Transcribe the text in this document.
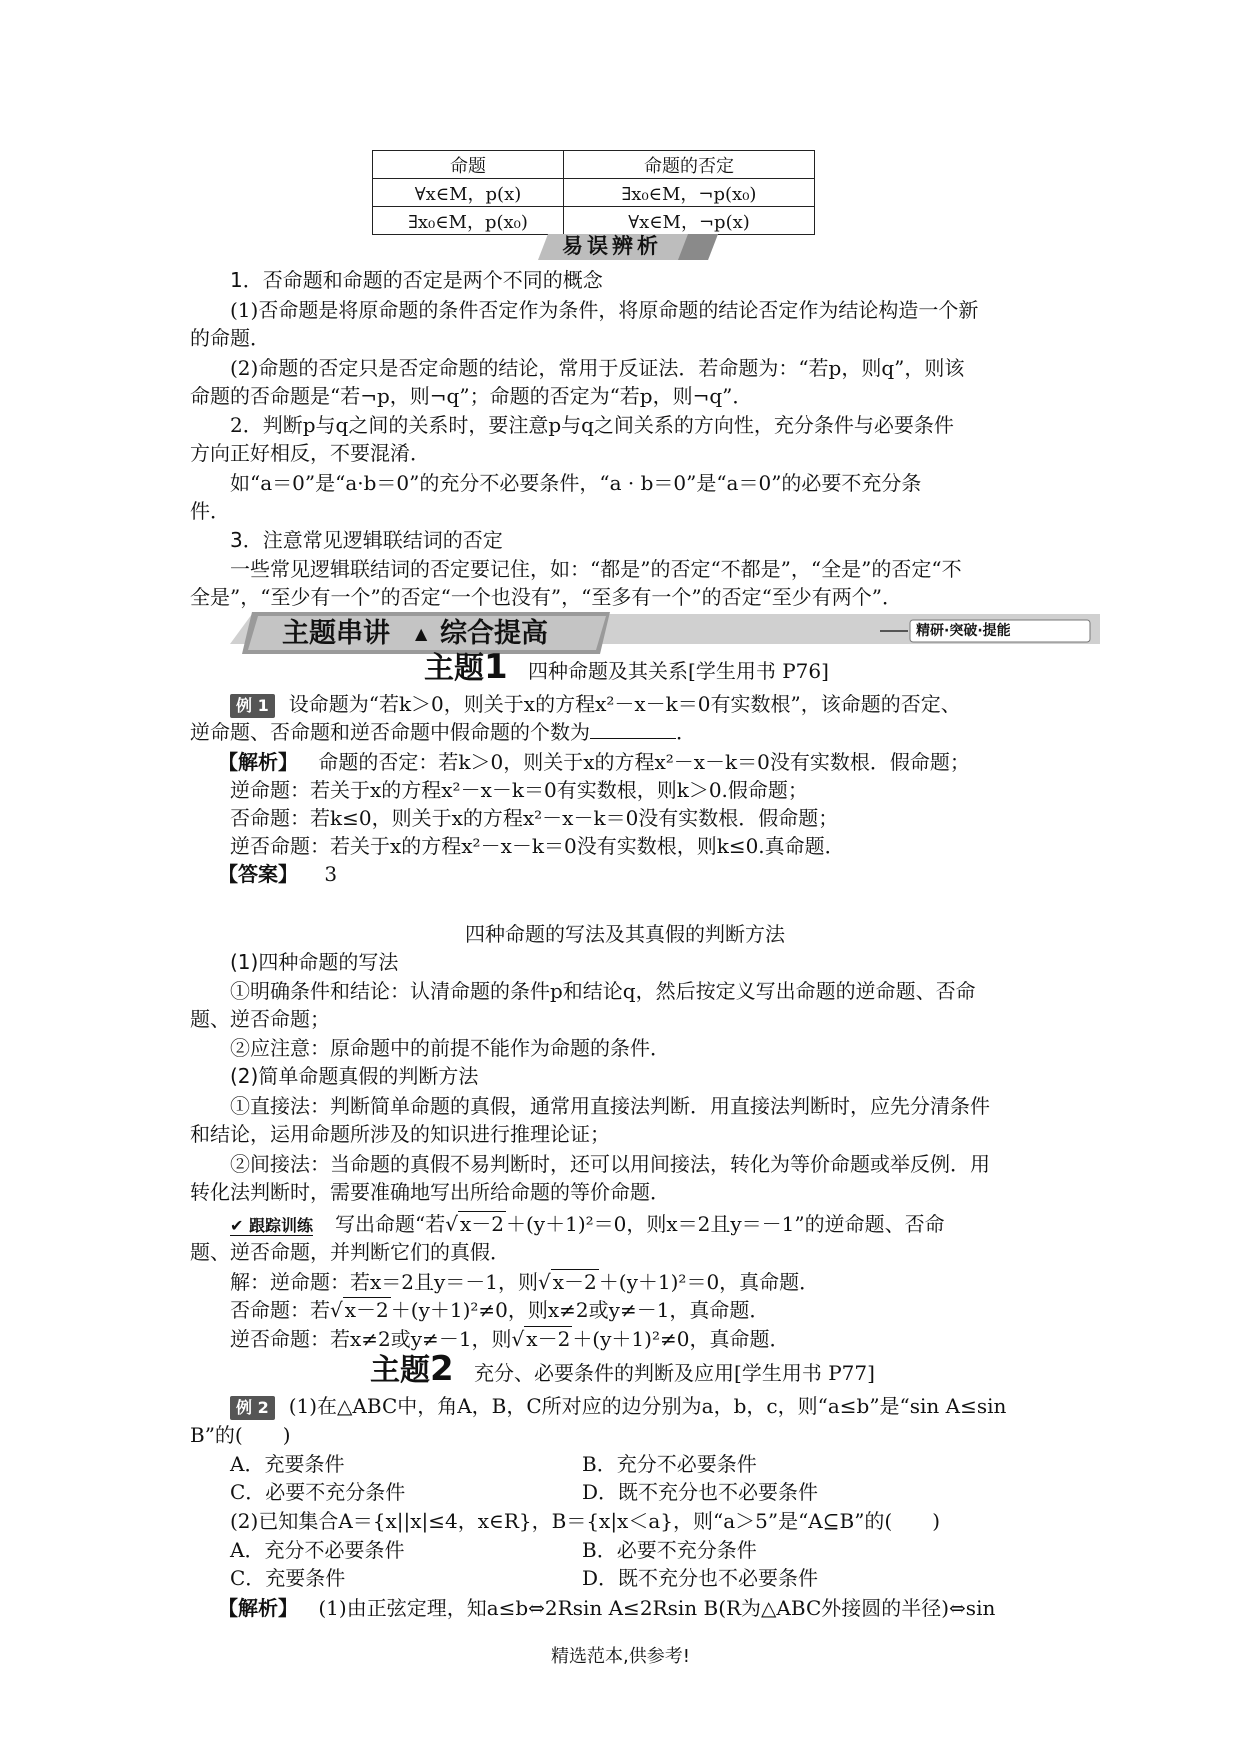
命题	命题的否定
∀x∈M，p(x)	∃x₀∈M，¬p(x₀)
∃x₀∈M，p(x₀)	∀x∈M，¬p(x)
易误辨析
1．否命题和命题的否定是两个不同的概念
(1)否命题是将原命题的条件否定作为条件，将原命题的结论否定作为结论构造一个新
的命题．
(2)命题的否定只是否定命题的结论，常用于反证法．若命题为：“若p，则q”，则该
命题的否命题是“若¬p，则¬q”；命题的否定为“若p，则¬q”．
2．判断p与q之间的关系时，要注意p与q之间关系的方向性，充分条件与必要条件
方向正好相反，不要混淆．
如“a＝0”是“a·b＝0”的充分不必要条件，“a · b＝0”是“a＝0”的必要不充分条
件．
3．注意常见逻辑联结词的否定
一些常见逻辑联结词的否定要记住，如：“都是”的否定“不都是”，“全是”的否定“不
全是”，“至少有一个”的否定“一个也没有”，“至多有一个”的否定“至少有两个”．
主题串讲 ▲ 综合提高	精研·突破·提能
主题1 四种命题及其关系[学生用书 P76]
例 1 设命题为“若k＞0，则关于x的方程x²－x－k＝0有实数根”，该命题的否定、
逆命题、否命题和逆否命题中假命题的个数为	．
【解析】 命题的否定：若k＞0，则关于x的方程x²－x－k＝0没有实数根．假命题；
逆命题：若关于x的方程x²－x－k＝0有实数根，则k＞0.假命题；
否命题：若k≤0，则关于x的方程x²－x－k＝0没有实数根．假命题；
逆否命题：若关于x的方程x²－x－k＝0没有实数根，则k≤0.真命题．
【答案】 3
四种命题的写法及其真假的判断方法
(1)四种命题的写法
①明确条件和结论：认清命题的条件p和结论q，然后按定义写出命题的逆命题、否命
题、逆否命题；
②应注意：原命题中的前提不能作为命题的条件．
(2)简单命题真假的判断方法
①直接法：判断简单命题的真假，通常用直接法判断．用直接法判断时，应先分清条件
和结论，运用命题所涉及的知识进行推理论证；
②间接法：当命题的真假不易判断时，还可以用间接法，转化为等价命题或举反例．用
转化法判断时，需要准确地写出所给命题的等价命题．
✔ 跟踪训练 写出命题“若√ x－2 ＋(y＋1)²＝0，则x＝2且y＝－1”的逆命题、否命
题、逆否命题，并判断它们的真假．
解：逆命题：若x＝2且y＝－1，则√ x－2 ＋(y＋1)²＝0，真命题．
否命题：若√ x－2 ＋(y＋1)²≠0，则x≠2或y≠－1，真命题．
逆否命题：若x≠2或y≠－1，则√ x－2 ＋(y＋1)²≠0，真命题．
主题2 充分、必要条件的判断及应用[学生用书 P77]
例 2 (1)在△ABC中，角A，B，C所对应的边分别为a，b，c，则“a≤b”是“sin A≤sin
B”的(　　)
A．充要条件	B．充分不必要条件
C．必要不充分条件	D．既不充分也不必要条件
(2)已知集合A＝{x||x|≤4，x∈R}，B＝{x|x＜a}，则“a＞5”是“A⊆B”的(　　)
A．充分不必要条件	B．必要不充分条件
C．充要条件	D．既不充分也不必要条件
【解析】 (1)由正弦定理，知a≤b⇔2Rsin A≤2Rsin B(R为△ABC外接圆的半径)⇔sin
精选范本,供参考!
